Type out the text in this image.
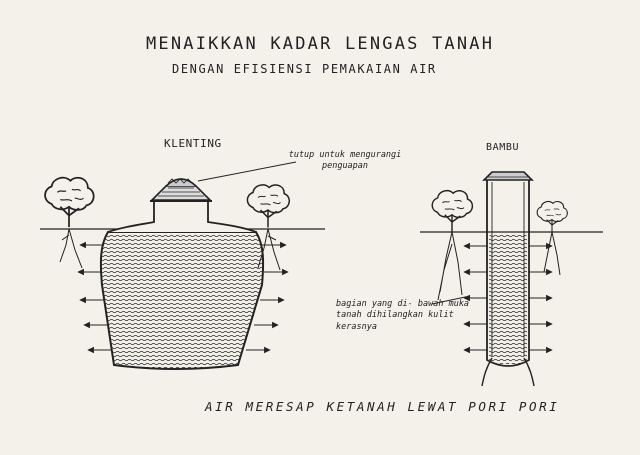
MENAIKKAN KADAR LENGAS TANAH
DENGAN EFISIENSI PEMAKAIAN AIR
KLENTING	BAMBU
tutup untuk mengurangi penguapan
bagian yang di- bawah muka tanah dihilangkan kulit kerasnya
AIR MERESAP KETANAH LEWAT PORI PORI
